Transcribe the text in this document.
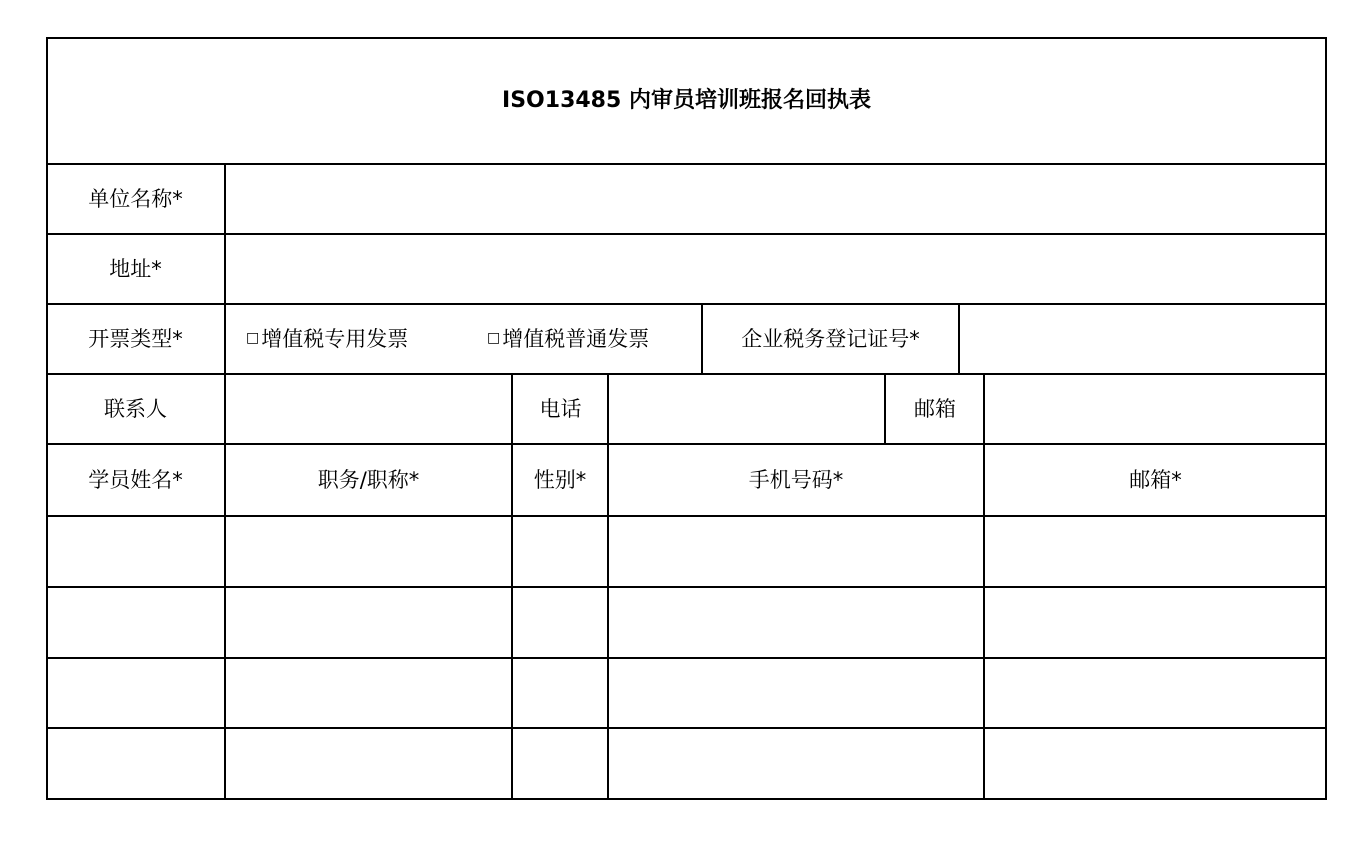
ISO13485 内审员培训班报名回执表
单位名称*
地址*
开票类型*	□ 增值税专用发票	□ 增值税普通发票	企业税务登记证号*
联系人	电话	邮箱
学员姓名*	职务/职称*	性别*	手机号码*	邮箱*
